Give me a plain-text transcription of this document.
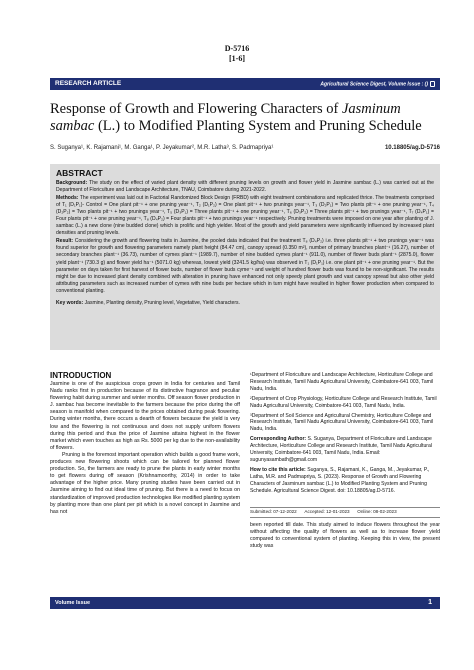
D-5716
[1-6]
RESEARCH ARTICLE	Agricultural Science Digest, Volume Issue : ()
Response of Growth and Flowering Characters of Jasminum sambac (L.) to Modified Planting System and Pruning Schedule
S. Suganya¹, K. Rajamani¹, M. Ganga¹, P. Jeyakumar², M.R. Latha³, S. Padmapriya¹	10.18805/ag.D-5716
ABSTRACT

Background: The study on the effect of varied plant density with different pruning levels on growth and flower yield in Jasmine sambac (L.) was carried out at the Department of Floriculture and Landscape Architecture, TNAU, Coimbatore during 2021-2022.

Methods: The experiment was laid out in Factorial Randomized Block Design (FRBD) with eight treatment combinations and replicated thrice. The treatments comprised of T₁ (D₁P₁)- Control = One plant pit⁻¹ + one pruning year⁻¹, T₂ (D₁P₂) = One plant pit⁻¹ + two prunings year⁻¹, T₃ (D₂P₁) = Two plants pit⁻¹ + one pruning year⁻¹, T₄ (D₂P₂) = Two plants pit⁻¹ + two prunings year⁻¹, T₅ (D₃P₁) = Three plants pit⁻¹ + one pruning year⁻¹, T₆ (D₃P₂) = Three plants pit⁻¹ + two prunings year⁻¹, T₇ (D₄P₁) = Four plants pit⁻¹ + one pruning year⁻¹, T₈ (D₄P₂) = Four plants pit⁻¹ + two prunings year⁻¹ respectively. Pruning treatments were imposed on one year after planting of J. sambac (L.) a new clone (nine budded clone) which is prolific and high yielder. Most of the growth and yield parameters were significantly influenced by increased plant densities and pruning levels.

Result: Considering the growth and flowering traits in Jasmine, the pooled data indicated that the treatment T₈ (D₄P₂) i.e. three plants pit⁻¹ + two prunings year⁻¹ was found superior for growth and flowering parameters namely plant height (84.47 cm), canopy spread (0.350 m²), number of primary branches plant⁻¹ (16.27), number of secondary branches plant⁻¹ (36.73), number of cymes plant⁻¹ (1989.7), number of nine budded cymes plant⁻¹ (911.0), number of flower buds plant⁻¹ (2875.0), flower yield plant⁻¹ (730.3 g) and flower yield ha⁻¹ (5071.0 kg) whereas, lowest yield (3241.5 kg/ha) was observed in T₁ (D₁P₁) i.e. one plant pit⁻¹ + one pruning year⁻¹. But the parameter on days taken for first harvest of flower buds, number of flower buds cyme⁻¹ and weight of hundred flower buds was found to be non-significant. The results might be due to increased plant density combined with alteration in pruning have enhanced not only speedy plant growth and vast canopy spread but also other yield attributing parameters such as increased number of cymes with nine buds per hectare which in turn might have resulted in higher flower production when compared to conventional planting.

Key words: Jasmine, Planting density, Pruning level, Vegetative, Yield characters.

INTRODUCTION

Jasmine is one of the auspicious crops grown in India for centuries and Tamil Nadu ranks first in production because of its distinctive fragrance and peculiar flowering habit during summer and winter months. Off season flower production in J. sambac has become inevitable to the farmers because the price during the off season is manifold when compared to the prices obtained during peak flowering. During winter months, there occurs a dearth of flowers because the yield is very low and the flowering is not continuous and does not supply uniform flowers during this period and thus the price of Jasmine attains highest in the flower market which even touches as high as Rs. 5000 per kg due to the non-availability of flowers.

Pruning is the foremost important operation which builds a good frame work, produces new flowering shoots which can be tailored for planned flower production. So, the farmers are ready to prune the plants in early winter months to get flowers during off season (Krishnamoorthy, 2014) in order to take advantage of the higher price. Many pruning studies have been carried out in Jasmine aiming to find out ideal time of pruning. But there is a need to focus on standardization of improved production technologies like modified planting system by planting more than one plant per pit which is a novel concept in Jasmine and has not

¹Department of Floriculture and Landscape Architecture, Horticulture College and Research Institute, Tamil Nadu Agricultural University, Coimbatore-641 003, Tamil Nadu, India.

²Department of Crop Physiology, Horticulture College and Research Institute, Tamil Nadu Agricultural University, Coimbatore-641 003, Tamil Nadu, India.

³Department of Soil Science and Agricultural Chemistry, Horticulture College and Research Institute, Tamil Nadu Agricultural University, Coimbatore-641 003, Tamil Nadu, India.

Corresponding Author: S. Suganya, Department of Floriculture and Landscape Architecture, Horticulture College and Research Institute, Tamil Nadu Agricultural University, Coimbatore-641 003, Tamil Nadu, India. Email: sugunyasambath@gmail.com

How to cite this article: Suganya, S., Rajamani, K., Ganga, M., Jeyakumar, P., Latha, M.R. and Padmapriya, S. (2023). Response of Growth and Flowering Characters of Jasminum sambac (L.) to Modified Planting System and Pruning Schedule. Agricultural Science Digest. doi: 10.18805/ag.D-5716.

Submitted: 07-12-2022 Accepted: 12-01-2023 Online: 08-02-2023
been reported till date. This study aimed to induce flowers throughout the year without affecting the quality of flowers as well as to increase flower yield compared to conventional system of planting. Keeping this in view, the present study was
Volume Issue	1
